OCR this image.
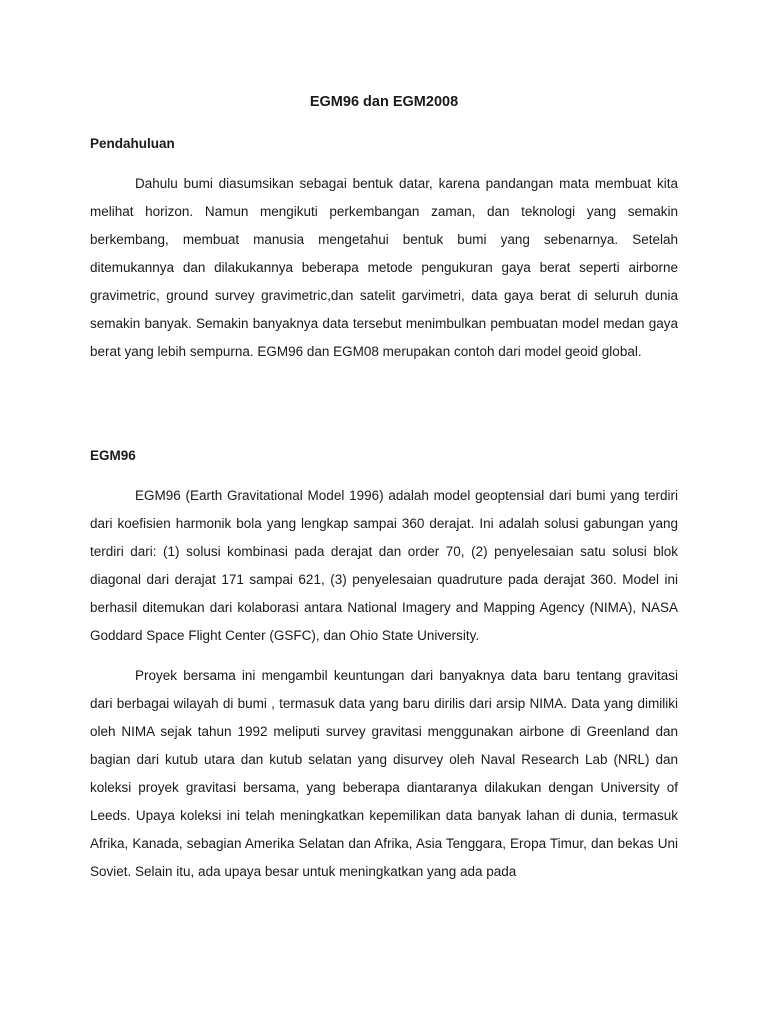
EGM96 dan EGM2008
Pendahuluan

Dahulu bumi diasumsikan sebagai bentuk datar, karena pandangan mata membuat kita melihat horizon. Namun mengikuti perkembangan zaman, dan teknologi yang semakin berkembang, membuat manusia mengetahui bentuk bumi yang sebenarnya. Setelah ditemukannya dan dilakukannya beberapa metode pengukuran gaya berat seperti airborne gravimetric, ground survey gravimetric,dan satelit garvimetri, data gaya berat di seluruh dunia semakin banyak. Semakin banyaknya data tersebut menimbulkan pembuatan model medan gaya berat yang lebih sempurna. EGM96 dan EGM08 merupakan contoh dari model geoid global.

EGM96

EGM96 (Earth Gravitational Model 1996) adalah model geoptensial dari bumi yang terdiri dari koefisien harmonik bola yang lengkap sampai 360 derajat. Ini adalah solusi gabungan yang terdiri dari: (1) solusi kombinasi pada derajat dan order 70, (2) penyelesaian satu solusi blok diagonal dari derajat 171 sampai 621, (3) penyelesaian quadruture pada derajat 360. Model ini berhasil ditemukan dari kolaborasi antara National Imagery and Mapping Agency (NIMA), NASA Goddard Space Flight Center (GSFC), dan Ohio State University.

Proyek bersama ini mengambil keuntungan dari banyaknya data baru tentang gravitasi dari berbagai wilayah di bumi , termasuk data yang baru dirilis dari arsip NIMA. Data yang dimiliki oleh NIMA sejak tahun 1992 meliputi survey gravitasi menggunakan airbone di Greenland dan bagian dari kutub utara dan kutub selatan yang disurvey oleh Naval Research Lab (NRL) dan koleksi proyek gravitasi bersama, yang beberapa diantaranya dilakukan dengan University of Leeds. Upaya koleksi ini telah meningkatkan kepemilikan data banyak lahan di dunia, termasuk Afrika, Kanada, sebagian Amerika Selatan dan Afrika, Asia Tenggara, Eropa Timur, dan bekas Uni Soviet. Selain itu, ada upaya besar untuk meningkatkan yang ada pada
